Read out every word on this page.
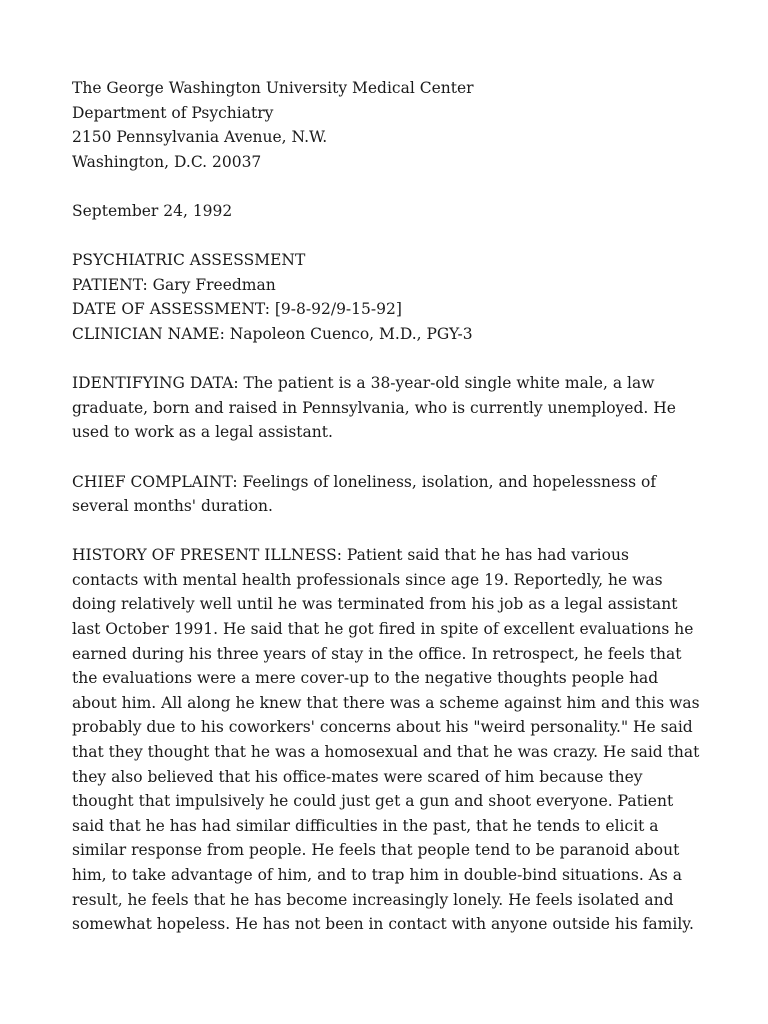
The George Washington University Medical Center
Department of Psychiatry
2150 Pennsylvania Avenue, N.W.
Washington, D.C. 20037
September 24, 1992
PSYCHIATRIC ASSESSMENT
PATIENT: Gary Freedman
DATE OF ASSESSMENT: [9-8-92/9-15-92]
CLINICIAN NAME: Napoleon Cuenco, M.D., PGY-3
IDENTIFYING DATA: The patient is a 38-year-old single white male, a law
graduate, born and raised in Pennsylvania, who is currently unemployed. He
used to work as a legal assistant.
CHIEF COMPLAINT: Feelings of loneliness, isolation, and hopelessness of
several months' duration.
HISTORY OF PRESENT ILLNESS: Patient said that he has had various
contacts with mental health professionals since age 19. Reportedly, he was
doing relatively well until he was terminated from his job as a legal assistant
last October 1991. He said that he got fired in spite of excellent evaluations he
earned during his three years of stay in the office. In retrospect, he feels that
the evaluations were a mere cover-up to the negative thoughts people had
about him. All along he knew that there was a scheme against him and this was
probably due to his coworkers' concerns about his "weird personality." He said
that they thought that he was a homosexual and that he was crazy. He said that
they also believed that his office-mates were scared of him because they
thought that impulsively he could just get a gun and shoot everyone. Patient
said that he has had similar difficulties in the past, that he tends to elicit a
similar response from people. He feels that people tend to be paranoid about
him, to take advantage of him, and to trap him in double-bind situations. As a
result, he feels that he has become increasingly lonely. He feels isolated and
somewhat hopeless. He has not been in contact with anyone outside his family.
